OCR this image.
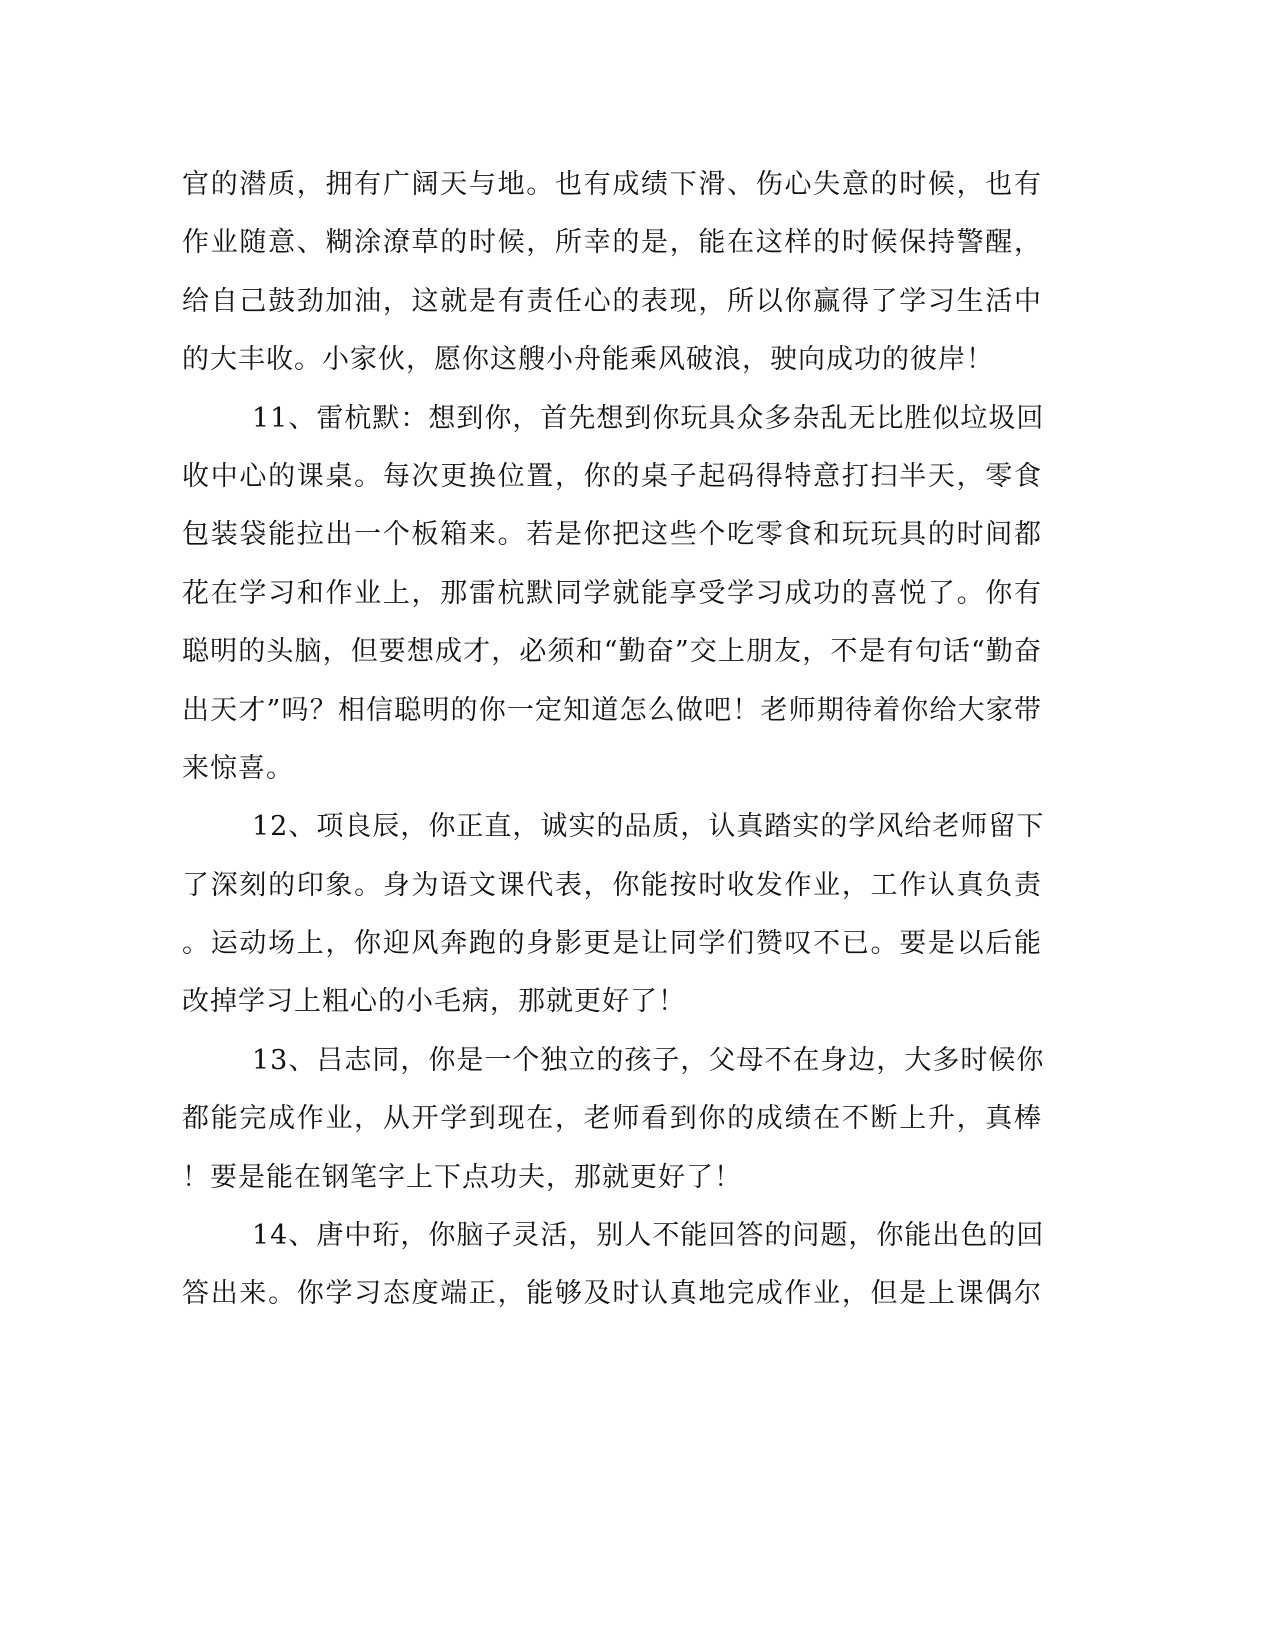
官的潜质，拥有广阔天与地。也有成绩下滑、伤心失意的时候，也有
作业随意、糊涂潦草的时候，所幸的是，能在这样的时候保持警醒，
给自己鼓劲加油，这就是有责任心的表现，所以你赢得了学习生活中
的大丰收。小家伙，愿你这艘小舟能乘风破浪，驶向成功的彼岸！
11、雷杭默：想到你，首先想到你玩具众多杂乱无比胜似垃圾回
收中心的课桌。每次更换位置，你的桌子起码得特意打扫半天，零食
包装袋能拉出一个板箱来。若是你把这些个吃零食和玩玩具的时间都
花在学习和作业上，那雷杭默同学就能享受学习成功的喜悦了。你有
聪明的头脑，但要想成才，必须和“勤奋”交上朋友，不是有句话“勤奋
出天才”吗？相信聪明的你一定知道怎么做吧！老师期待着你给大家带
来惊喜。
12、项良辰，你正直，诚实的品质，认真踏实的学风给老师留下
了深刻的印象。身为语文课代表，你能按时收发作业，工作认真负责
。运动场上，你迎风奔跑的身影更是让同学们赞叹不已。要是以后能
改掉学习上粗心的小毛病，那就更好了！
13、吕志同，你是一个独立的孩子，父母不在身边，大多时候你
都能完成作业，从开学到现在，老师看到你的成绩在不断上升，真棒
！要是能在钢笔字上下点功夫，那就更好了！
14、唐中珩，你脑子灵活，别人不能回答的问题，你能出色的回
答出来。你学习态度端正，能够及时认真地完成作业，但是上课偶尔
